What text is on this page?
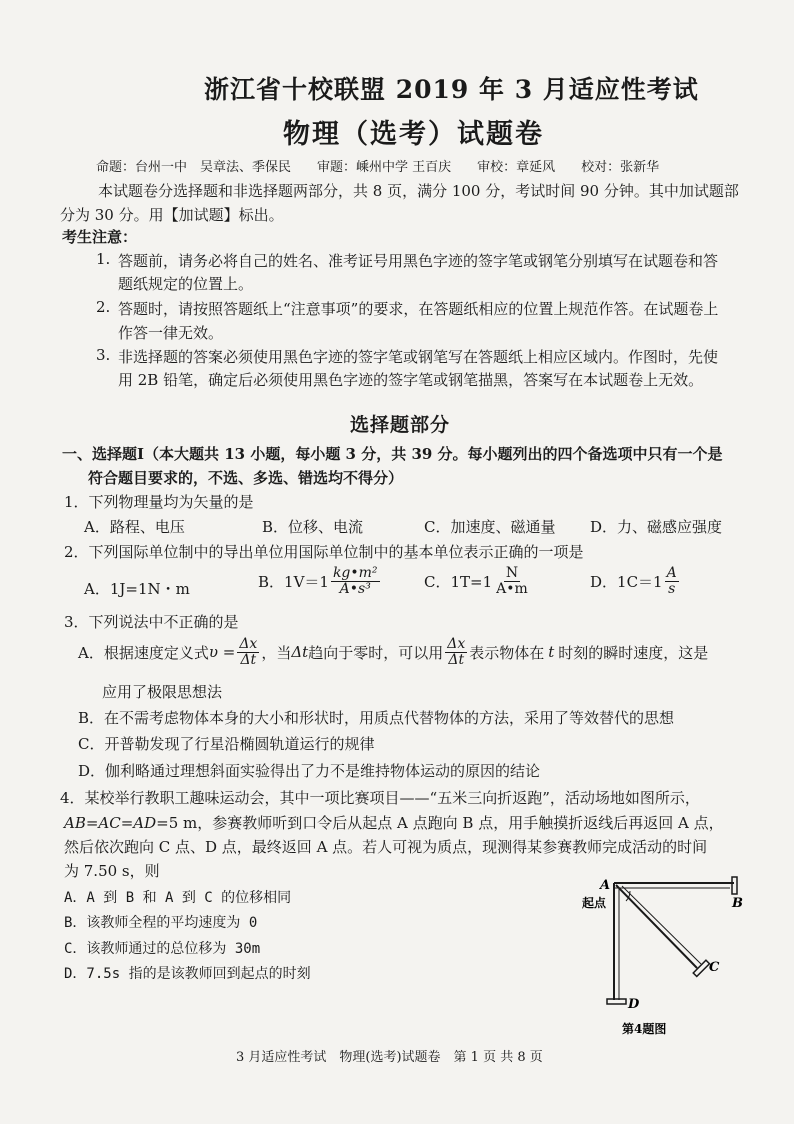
浙江省十校联盟 2019 年 3 月适应性考试
物理（选考）试题卷
命题：台州一中　吴章法、季保民　　审题：嵊州中学 王百庆　　审校：章延风　　校对：张新华
本试题卷分选择题和非选择题两部分，共 8 页，满分 100 分，考试时间 90 分钟。其中加试题部
分为 30 分。用【加试题】标出。
考生注意：
1. 答题前，请务必将自己的姓名、准考证号用黑色字迹的签字笔或钢笔分别填写在试题卷和答
题纸规定的位置上。
2. 答题时，请按照答题纸上“注意事项”的要求，在答题纸相应的位置上规范作答。在试题卷上
作答一律无效。
3. 非选择题的答案必须使用黑色字迹的签字笔或钢笔写在答题纸上相应区域内。作图时，先使
用 2B 铅笔，确定后必须使用黑色字迹的签字笔或钢笔描黑，答案写在本试题卷上无效。
选择题部分
一、选择题Ⅰ（本大题共 13 小题，每小题 3 分，共 39 分。每小题列出的四个备选项中只有一个是
符合题目要求的，不选、多选、错选均不得分）
1．下列物理量均为矢量的是
A．路程、电压	B．位移、电流	C．加速度、磁通量 D．力、磁感应强度
2．下列国际单位制中的导出单位用国际单位制中的基本单位表示正确的一项是
A．1J=1N・m	B．$1V=1 \frac{\text{kg•m²}}{\text{A•s³}}$	C．$1T=1 \frac{N}{A•m}$	D．$1C=1 \frac{A}{s}$
3．下列说法中不正确的是
A．根据速度定义式 $\upsilon = \frac{\Delta x}{\Delta t}$ ，当 Δt 趋向于零时，可以用 $\frac{\Delta x}{\Delta t}$ 表示物体在 t 时刻的瞬时速度，这是
应用了极限思想法
B．在不需考虑物体本身的大小和形状时，用质点代替物体的方法，采用了等效替代的思想
C．开普勒发现了行星沿椭圆轨道运行的规律
D．伽利略通过理想斜面实验得出了力不是维持物体运动的原因的结论
4．某校举行教职工趣味运动会，其中一项比赛项目——“五米三向折返跑”，活动场地如图所示，
AB=AC=AD=5 m，参赛教师听到口令后从起点 A 点跑向 B 点，用手触摸折返线后再返回 A 点，
然后依次跑向 C 点、D 点，最终返回 A 点。若人可视为质点，现测得某参赛教师完成活动的时间
为 7.50 s，则
A．A 到 B 和 A 到 C 的位移相同
B．该教师全程的平均速度为 0
C．该教师通过的总位移为 30m
D．7.5s 指的是该教师回到起点的时刻
A
起点	B
C
D
第4题图
3 月适应性考试　物理(选考)试题卷　第 1 页 共 8 页
